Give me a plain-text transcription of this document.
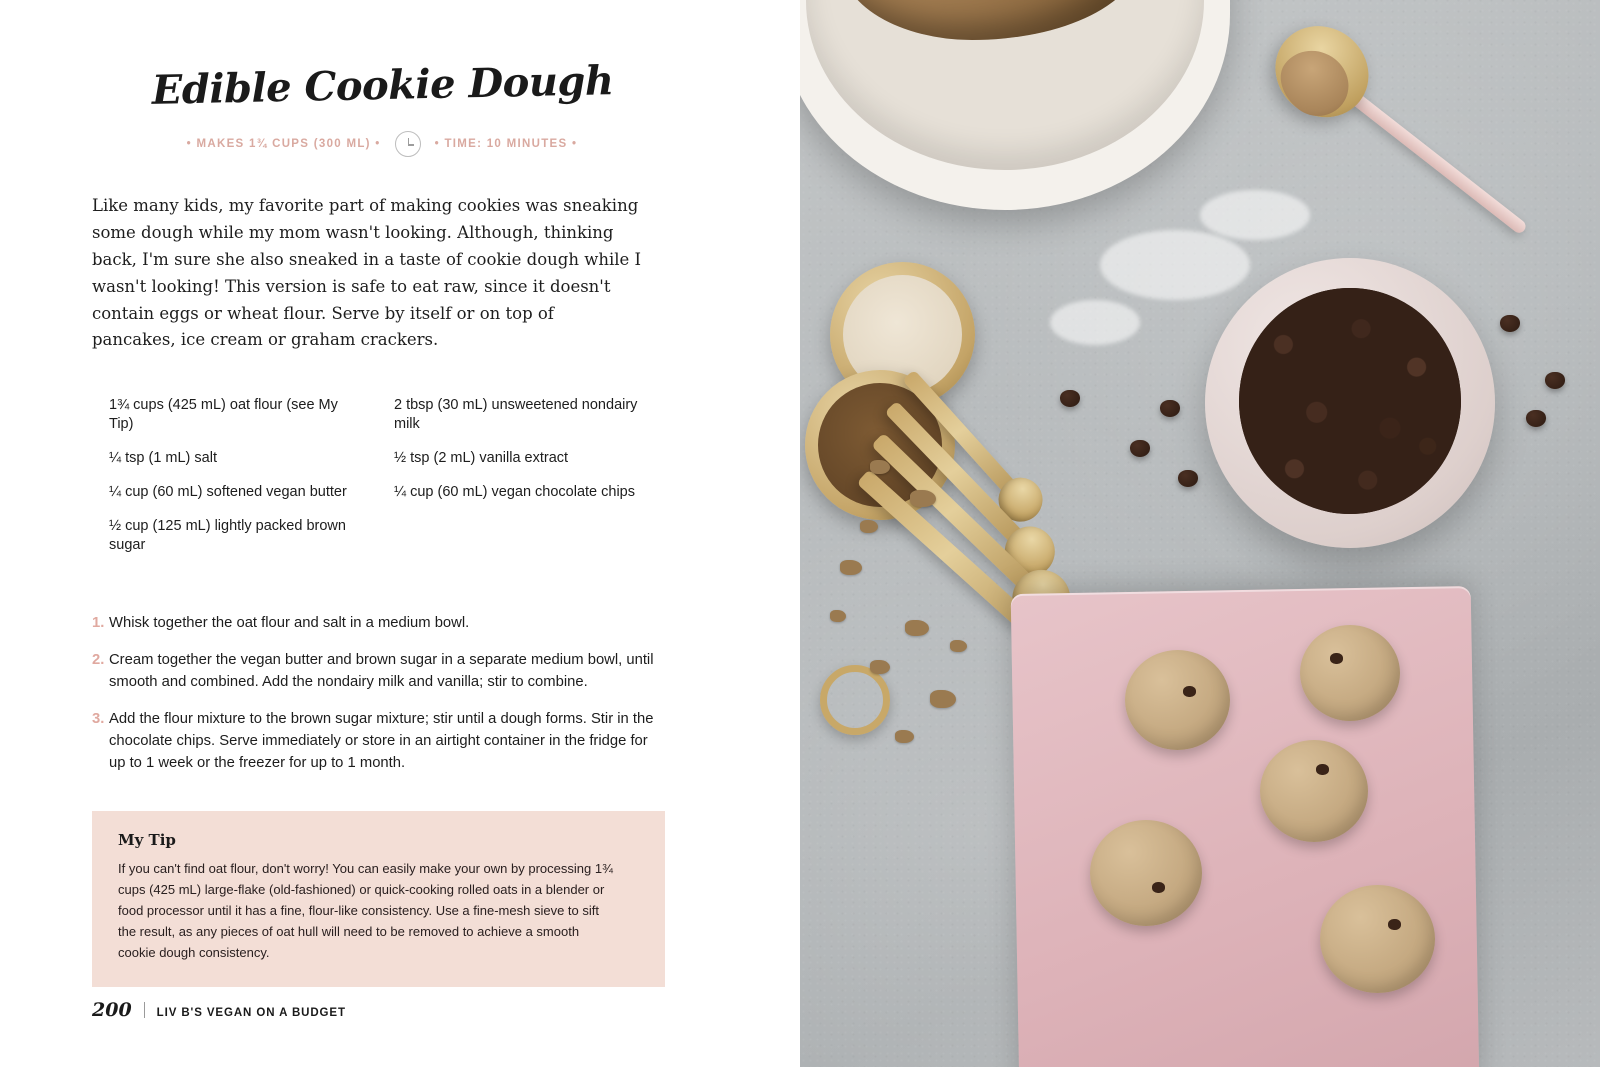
Edible Cookie Dough
• MAKES 1¾ CUPS (300 ML) •	• TIME: 10 MINUTES •

Like many kids, my favorite part of making cookies was sneaking some dough while my mom wasn't looking. Although, thinking back, I'm sure she also sneaked in a taste of cookie dough while I wasn't looking! This version is safe to eat raw, since it doesn't contain eggs or wheat flour. Serve by itself or on top of pancakes, ice cream or graham crackers.

1¾ cups (425 mL) oat flour (see My Tip)
¼ tsp (1 mL) salt
¼ cup (60 mL) softened vegan butter
½ cup (125 mL) lightly packed brown sugar
2 tbsp (30 mL) unsweetened nondairy milk
½ tsp (2 mL) vanilla extract
¼ cup (60 mL) vegan chocolate chips
1. Whisk together the oat flour and salt in a medium bowl.
2. Cream together the vegan butter and brown sugar in a separate medium bowl, until smooth and combined. Add the nondairy milk and vanilla; stir to combine.
3. Add the flour mixture to the brown sugar mixture; stir until a dough forms. Stir in the chocolate chips. Serve immediately or store in an airtight container in the fridge for up to 1 week or the freezer for up to 1 month.

My Tip

If you can't find oat flour, don't worry! You can easily make your own by processing 1¾ cups (425 mL) large-flake (old-fashioned) or quick-cooking rolled oats in a blender or food processor until it has a fine, flour-like consistency. Use a fine-mesh sieve to sift the result, as any pieces of oat hull will need to be removed to achieve a smooth cookie dough consistency.

200 LIV B'S VEGAN ON A BUDGET
